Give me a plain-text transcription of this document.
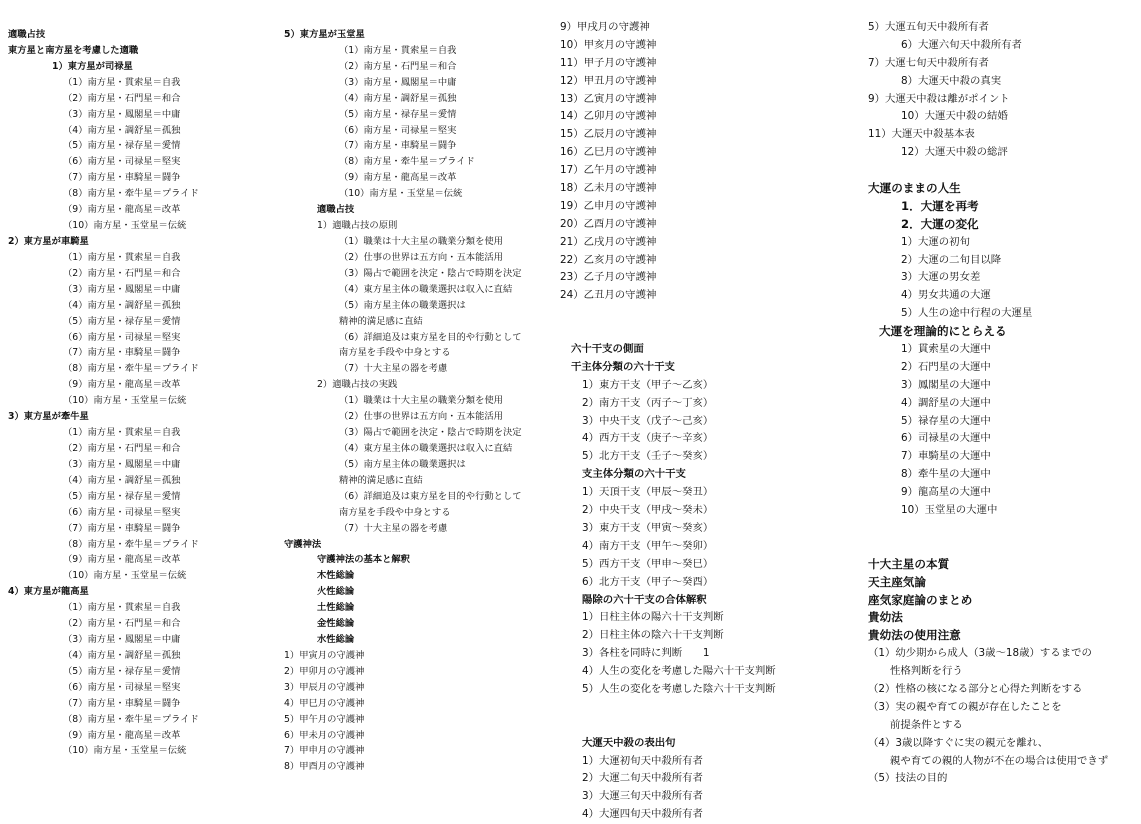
適職占技
東方星と南方星を考慮した適職
1）東方星が司禄星
（1）南方星・貫索星＝自我
（2）南方星・石門星＝和合
（3）南方星・鳳閣星＝中庸
（4）南方星・調舒星＝孤独
（5）南方星・禄存星＝愛情
（6）南方星・司禄星＝堅実
（7）南方星・車騎星＝闘争
（8）南方星・牽牛星＝プライド
（9）南方星・龍高星＝改革
（10）南方星・玉堂星＝伝統
2）東方星が車騎星
（1）南方星・貫索星＝自我
（2）南方星・石門星＝和合
（3）南方星・鳳閣星＝中庸
（4）南方星・調舒星＝孤独
（5）南方星・禄存星＝愛情
（6）南方星・司禄星＝堅実
（7）南方星・車騎星＝闘争
（8）南方星・牽牛星＝プライド
（9）南方星・龍高星＝改革
（10）南方星・玉堂星＝伝統
3）東方星が牽牛星
（1）南方星・貫索星＝自我
（2）南方星・石門星＝和合
（3）南方星・鳳閣星＝中庸
（4）南方星・調舒星＝孤独
（5）南方星・禄存星＝愛情
（6）南方星・司禄星＝堅実
（7）南方星・車騎星＝闘争
（8）南方星・牽牛星＝プライド
（9）南方星・龍高星＝改革
（10）南方星・玉堂星＝伝統
4）東方星が龍高星
（1）南方星・貫索星＝自我
（2）南方星・石門星＝和合
（3）南方星・鳳閣星＝中庸
（4）南方星・調舒星＝孤独
（5）南方星・禄存星＝愛情
（6）南方星・司禄星＝堅実
（7）南方星・車騎星＝闘争
（8）南方星・牽牛星＝プライド
（9）南方星・龍高星＝改革
（10）南方星・玉堂星＝伝統
5）東方星が玉堂星
（1）南方星・貫索星＝自我
（2）南方星・石門星＝和合
（3）南方星・鳳閣星＝中庸
（4）南方星・調舒星＝孤独
（5）南方星・禄存星＝愛情
（6）南方星・司禄星＝堅実
（7）南方星・車騎星＝闘争
（8）南方星・牽牛星＝プライド
（9）南方星・龍高星＝改革
（10）南方星・玉堂星＝伝統
適職占技
1）適職占技の原則
（1）職業は十大主星の職業分類を使用
（2）仕事の世界は五方向・五本能活用
（3）陽占で範囲を決定・陰占で時期を決定
（4）東方星主体の職業選択は収入に直結
（5）南方星主体の職業選択は
精神的満足感に直結
（6）詳細追及は東方星を目的や行動として
南方星を手段や中身とする
（7）十大主星の器を考慮
2）適職占技の実践
（1）職業は十大主星の職業分類を使用
（2）仕事の世界は五方向・五本能活用
（3）陽占で範囲を決定・陰占で時期を決定
（4）東方星主体の職業選択は収入に直結
（5）南方星主体の職業選択は
精神的満足感に直結
（6）詳細追及は東方星を目的や行動として
南方星を手段や中身とする
（7）十大主星の器を考慮
守護神法
守護神法の基本と解釈
木性総論
火性総論
土性総論
金性総論
水性総論
1）甲寅月の守護神
2）甲卯月の守護神
3）甲辰月の守護神
4）甲巳月の守護神
5）甲午月の守護神
6）甲未月の守護神
7）甲申月の守護神
8）甲酉月の守護神
9）甲戌月の守護神
10）甲亥月の守護神
11）甲子月の守護神
12）甲丑月の守護神
13）乙寅月の守護神
14）乙卯月の守護神
15）乙辰月の守護神
16）乙巳月の守護神
17）乙午月の守護神
18）乙未月の守護神
19）乙申月の守護神
20）乙酉月の守護神
21）乙戌月の守護神
22）乙亥月の守護神
23）乙子月の守護神
24）乙丑月の守護神
六十干支の側面
干主体分類の六十干支
1）東方干支（甲子～乙亥）
2）南方干支（丙子～丁亥）
3）中央干支（戊子～己亥）
4）西方干支（庚子～辛亥）
5）北方干支（壬子～癸亥）
支主体分類の六十干支
1）天頂干支（甲辰～癸丑）
2）中央干支（甲戌～癸未）
3）東方干支（甲寅～癸亥）
4）南方干支（甲午～癸卯）
5）西方干支（甲申～癸巳）
6）北方干支（甲子～癸酉）
陽除の六十干支の合体解釈
1）日柱主体の陽六十干支判断
2）日柱主体の陰六十干支判断
3）各柱を同時に判断　　1
4）人生の変化を考慮した陽六十干支判断
5）人生の変化を考慮した陰六十干支判断
大運天中殺の表出句
1）大運初旬天中殺所有者
2）大運二旬天中殺所有者
3）大運三旬天中殺所有者
4）大運四旬天中殺所有者
5）大運五旬天中殺所有者
6）大運六旬天中殺所有者
7）大運七旬天中殺所有者
8）大運天中殺の真実
9）大運天中殺は離がポイント
10）大運天中殺の結婚
11）大運天中殺基本表
12）大運天中殺の総評
大運のままの人生
1．大運を再考
2．大運の変化
1）大運の初旬
2）大運の二旬目以降
3）大運の男女差
4）男女共通の大運
5）人生の途中行程の大運星
大運を理論的にとらえる
1）貫索星の大運中
2）石門星の大運中
3）鳳閣星の大運中
4）調舒星の大運中
5）禄存星の大運中
6）司禄星の大運中
7）車騎星の大運中
8）牽牛星の大運中
9）龍高星の大運中
10）玉堂星の大運中
十大主星の本質
天主座気論
座気家庭論のまとめ
貴幼法
貴幼法の使用注意
（1）幼少期から成人（3歳～18歳）するまでの
性格判断を行う
（2）性格の核になる部分と心得た判断をする
（3）実の親や育ての親が存在したことを
前提条件とする
（4）3歳以降すぐに実の親元を離れ、
親や育ての親的人物が不在の場合は使用できず
（5）技法の目的
